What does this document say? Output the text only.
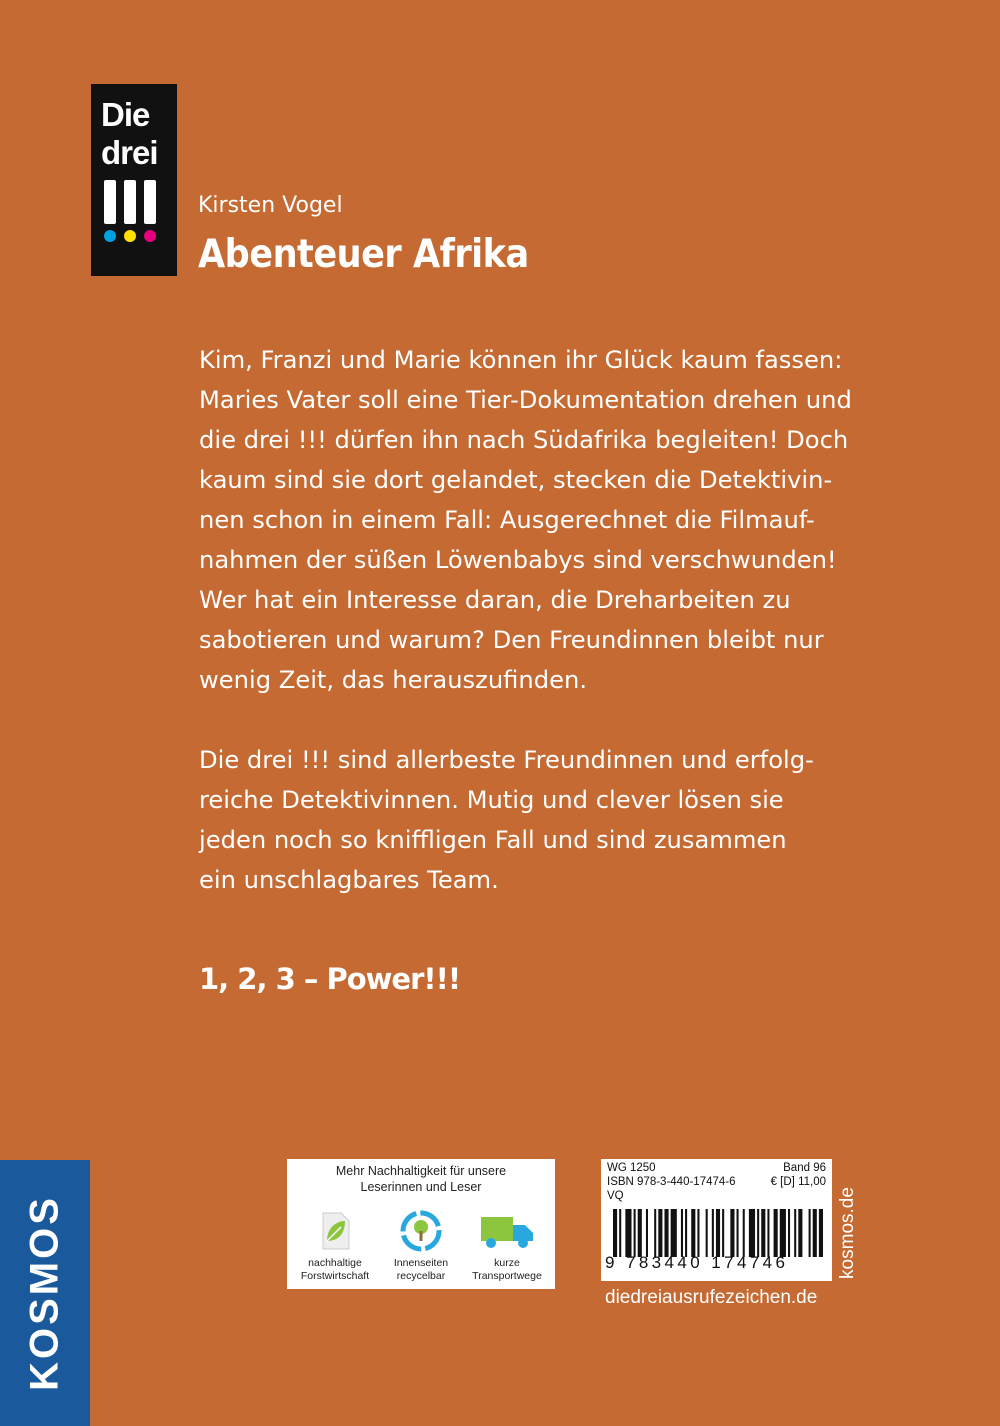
Die
drei
Kirsten Vogel
Abenteuer Afrika

Kim, Franzi und Marie können ihr Glück kaum fassen:
Maries Vater soll eine Tier-Dokumentation drehen und
die drei !!! dürfen ihn nach Südafrika begleiten! Doch
kaum sind sie dort gelandet, stecken die Detektivin-
nen schon in einem Fall: Ausgerechnet die Filmauf-
nahmen der süßen Löwenbabys sind verschwunden!
Wer hat ein Interesse daran, die Dreharbeiten zu
sabotieren und warum? Den Freundinnen bleibt nur
wenig Zeit, das herauszufinden.

Die drei !!! sind allerbeste Freundinnen und erfolg-
reiche Detektivinnen. Mutig und clever lösen sie
jeden noch so kniffligen Fall und sind zusammen
ein unschlagbares Team.

1, 2, 3 – Power!!!
KOSMOS
Mehr Nachhaltigkeit für unsere
Leserinnen und Leser
nachhaltige
Forstwirtschaft
Innenseiten
recycelbar
kurze
Transportwege
WG 1250	Band 96
ISBN 978-3-440-17474-6	€ [D] 11,00
VQ
9 783440 174746	kosmos.de
diedreiausrufezeichen.de
